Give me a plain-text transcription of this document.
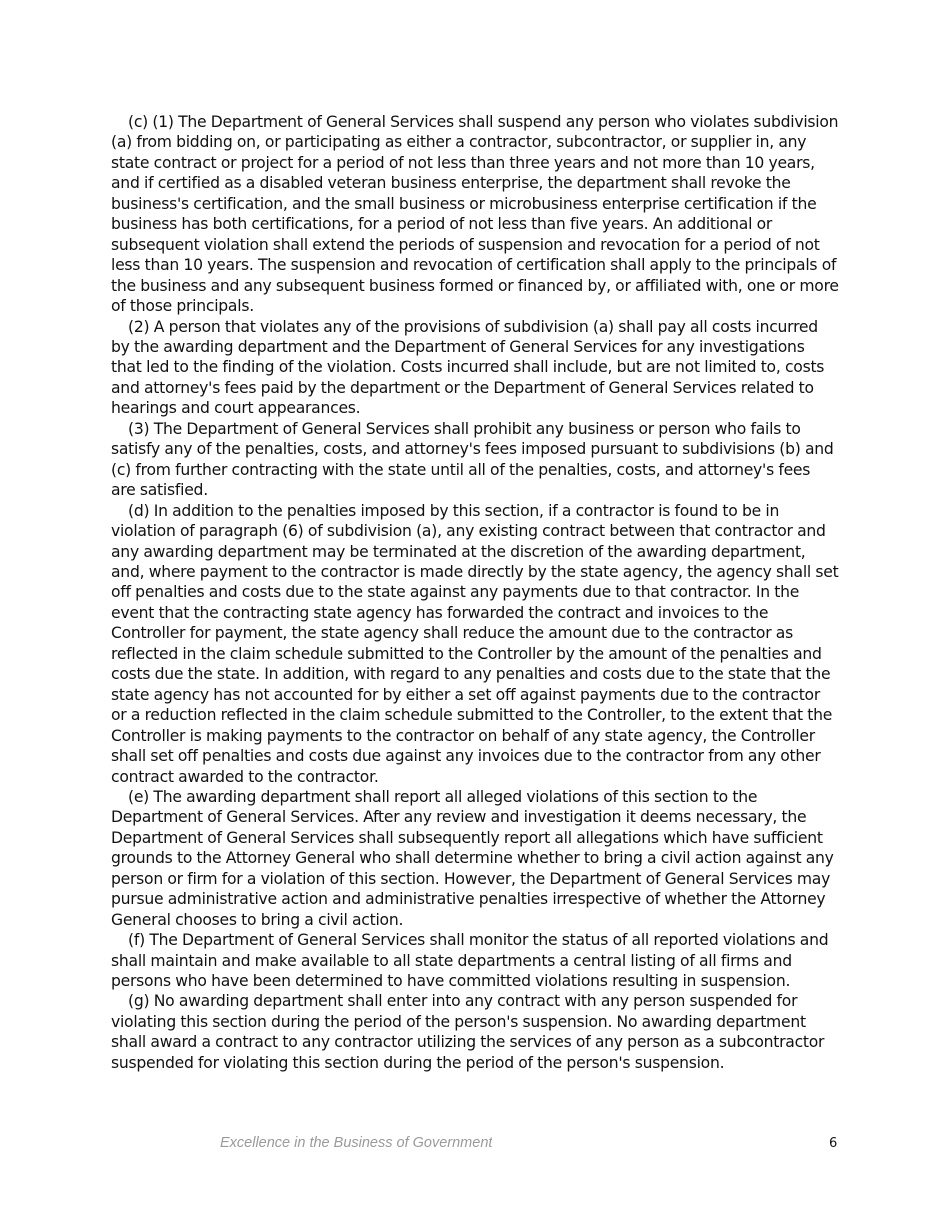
(c) (1) The Department of General Services shall suspend any person who violates subdivision (a) from bidding on, or participating as either a contractor, subcontractor, or supplier in, any state contract or project for a period of not less than three years and not more than 10 years, and if certified as a disabled veteran business enterprise, the department shall revoke the business's certification, and the small business or microbusiness enterprise certification if the business has both certifications, for a period of not less than five years. An additional or subsequent violation shall extend the periods of suspension and revocation for a period of not less than 10 years. The suspension and revocation of certification shall apply to the principals of the business and any subsequent business formed or financed by, or affiliated with, one or more of those principals.

(2) A person that violates any of the provisions of subdivision (a) shall pay all costs incurred by the awarding department and the Department of General Services for any investigations that led to the finding of the violation. Costs incurred shall include, but are not limited to, costs and attorney's fees paid by the department or the Department of General Services related to hearings and court appearances.

(3) The Department of General Services shall prohibit any business or person who fails to satisfy any of the penalties, costs, and attorney's fees imposed pursuant to subdivisions (b) and (c) from further contracting with the state until all of the penalties, costs, and attorney's fees are satisfied.

(d) In addition to the penalties imposed by this section, if a contractor is found to be in violation of paragraph (6) of subdivision (a), any existing contract between that contractor and any awarding department may be terminated at the discretion of the awarding department, and, where payment to the contractor is made directly by the state agency, the agency shall set off penalties and costs due to the state against any payments due to that contractor. In the event that the contracting state agency has forwarded the contract and invoices to the Controller for payment, the state agency shall reduce the amount due to the contractor as reflected in the claim schedule submitted to the Controller by the amount of the penalties and costs due the state. In addition, with regard to any penalties and costs due to the state that the state agency has not accounted for by either a set off against payments due to the contractor or a reduction reflected in the claim schedule submitted to the Controller, to the extent that the Controller is making payments to the contractor on behalf of any state agency, the Controller shall set off penalties and costs due against any invoices due to the contractor from any other contract awarded to the contractor.

(e) The awarding department shall report all alleged violations of this section to the Department of General Services. After any review and investigation it deems necessary, the Department of General Services shall subsequently report all allegations which have sufficient grounds to the Attorney General who shall determine whether to bring a civil action against any person or firm for a violation of this section. However, the Department of General Services may pursue administrative action and administrative penalties irrespective of whether the Attorney General chooses to bring a civil action.

(f) The Department of General Services shall monitor the status of all reported violations and shall maintain and make available to all state departments a central listing of all firms and persons who have been determined to have committed violations resulting in suspension.

(g) No awarding department shall enter into any contract with any person suspended for violating this section during the period of the person's suspension. No awarding department shall award a contract to any contractor utilizing the services of any person as a subcontractor suspended for violating this section during the period of the person's suspension.

Excellence in the Business of Government	6
